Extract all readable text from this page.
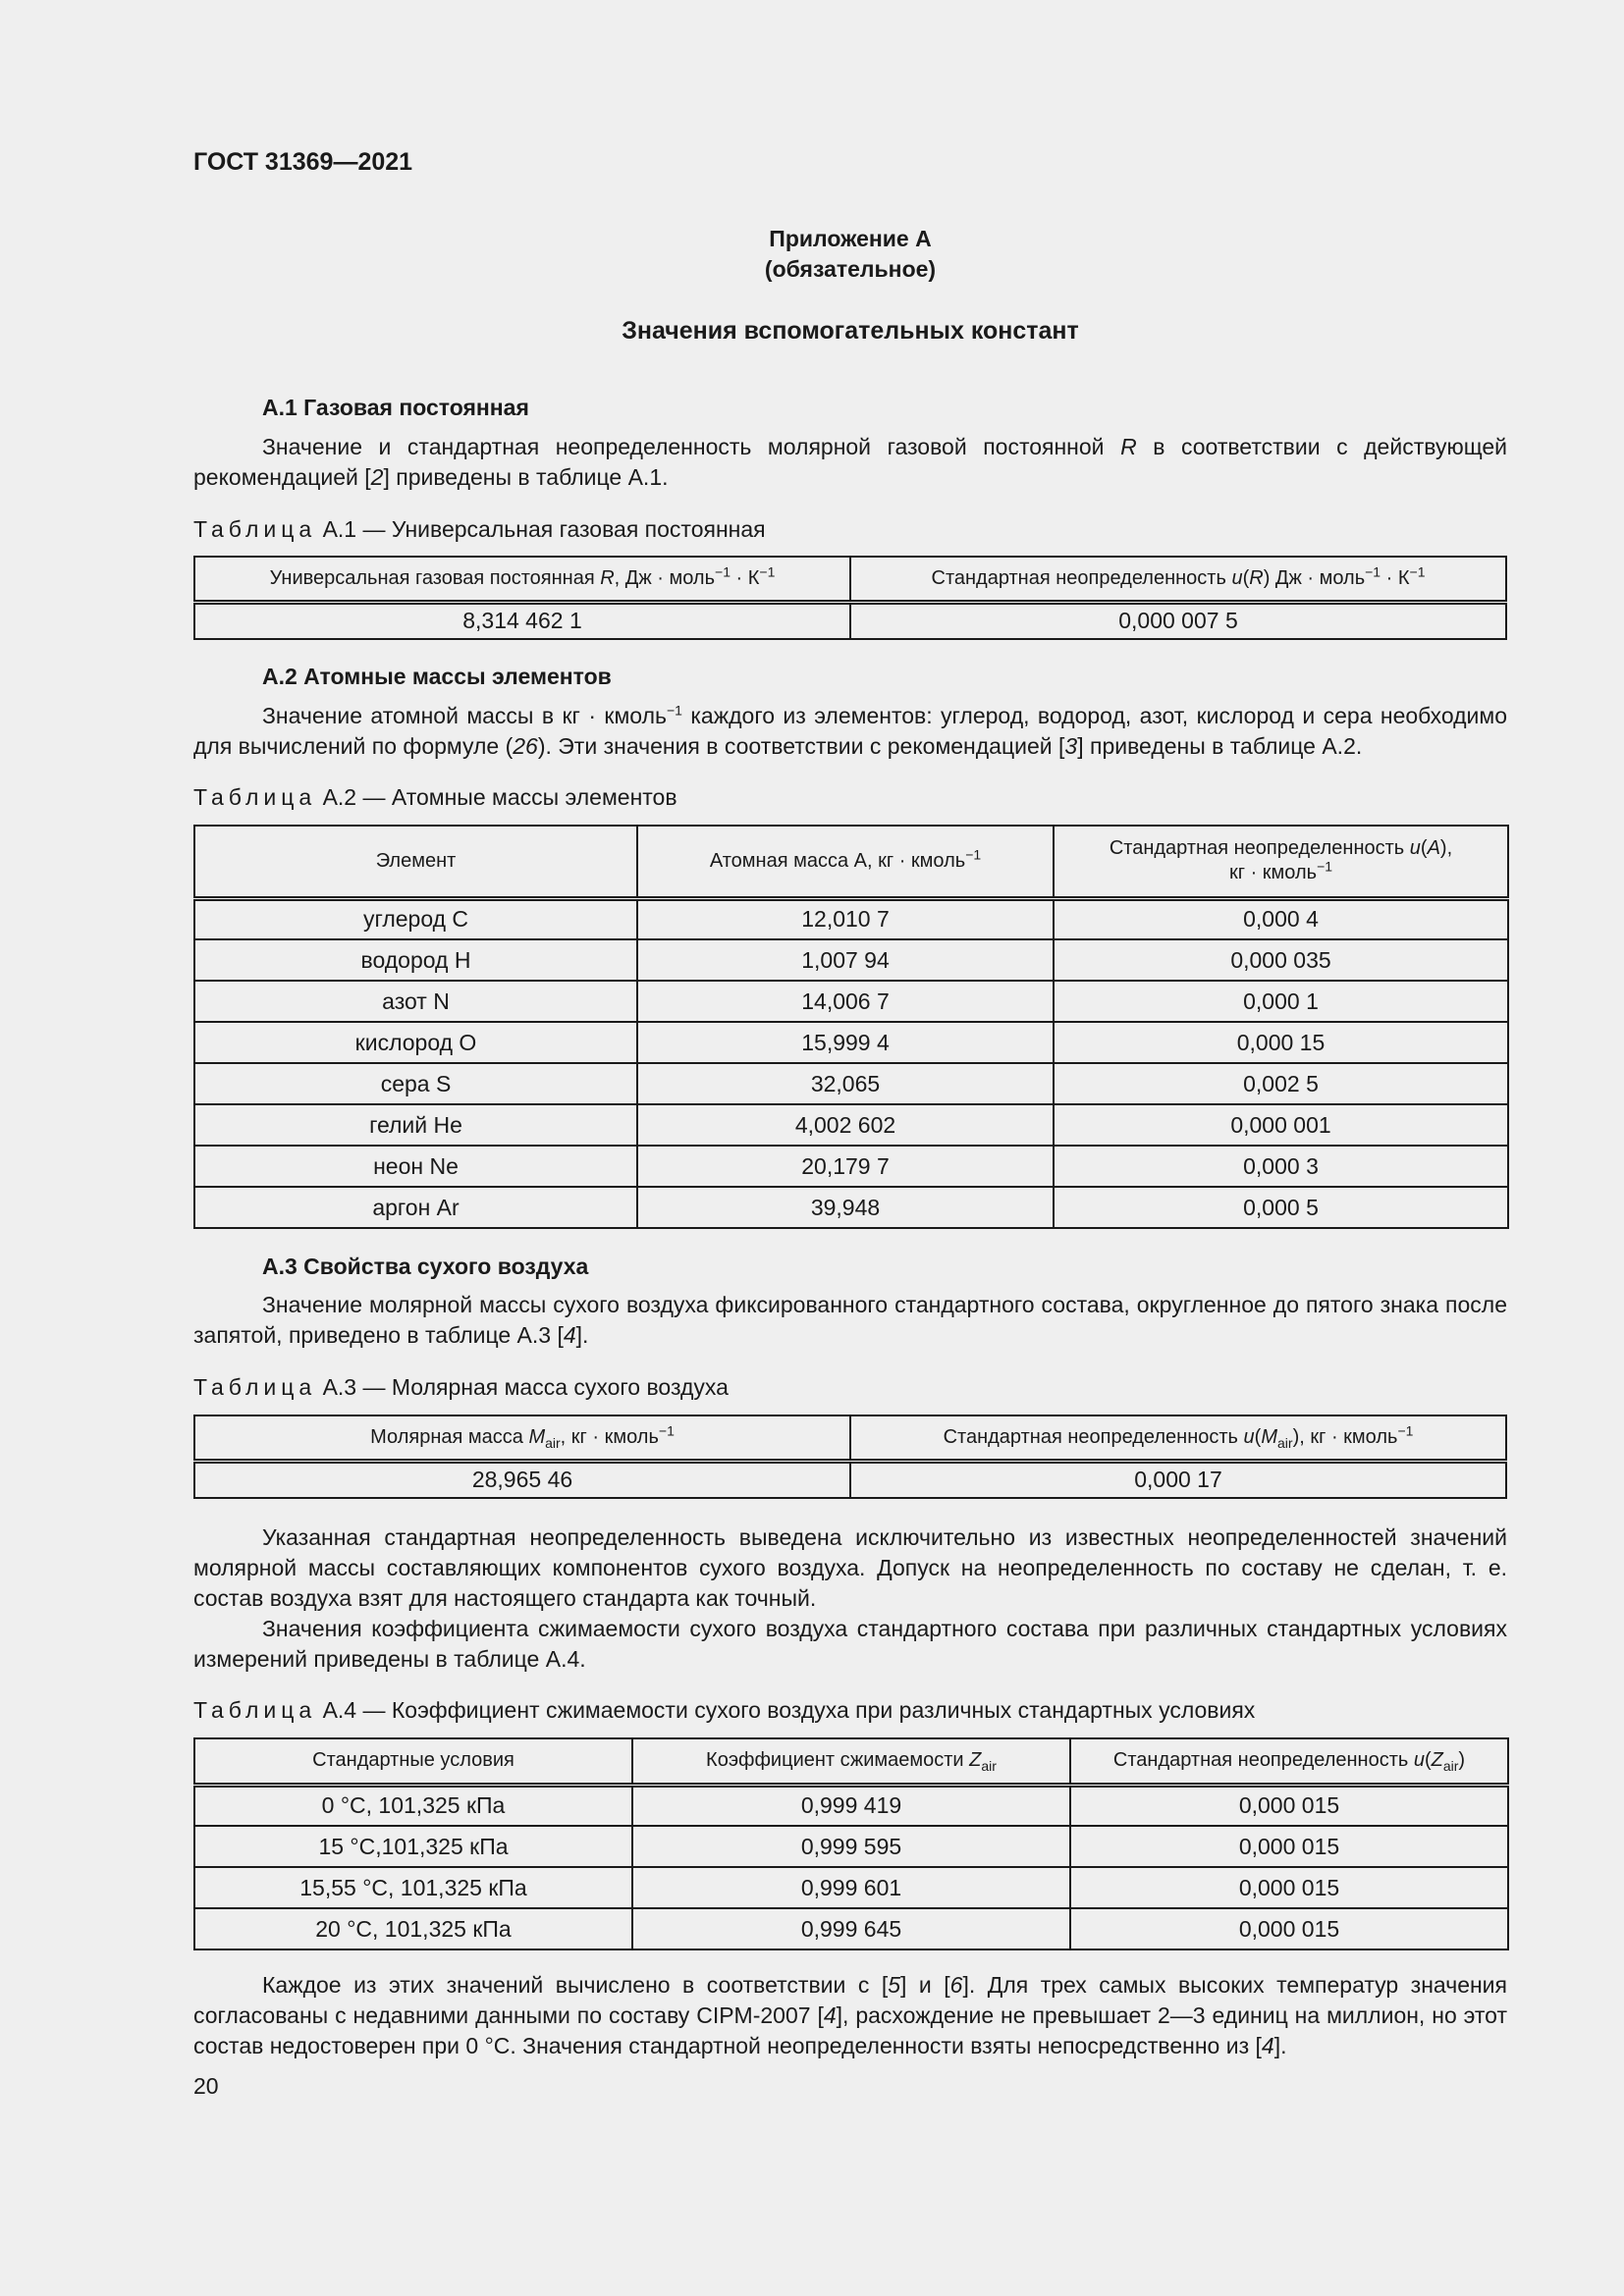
ГОСТ 31369—2021
Приложение А
(обязательное)
Значения вспомогательных констант
А.1 Газовая постоянная
Значение и стандартная неопределенность молярной газовой постоянной R в соответствии с действующей рекомендацией [2] приведены в таблице А.1.
Таблица А.1 — Универсальная газовая постоянная
Универсальная газовая постоянная R, Дж · моль$^{-1}$ · $К^{-1}$	Стандартная неопределенность u(R) Дж · моль$^{-1}$ · $К^{-1}$
8,314 462 1	0,000 007 5
А.2 Атомные массы элементов
Значение атомной массы в кг · кмоль$^{-1}$ каждого из элементов: углерод, водород, азот, кислород и сера необходимо для вычислений по формуле (26). Эти значения в соответствии с рекомендацией [3] приведены в таблице А.2.
Таблица А.2 — Атомные массы элементов
Элемент	Атомная масса А, кг · кмоль$^{-1}$	Стандартная неопределенность u(A),
кг · кмоль$^{-1}$
углерод C	12,010 7	0,000 4
водород H	1,007 94	0,000 035
азот N	14,006 7	0,000 1
кислород O	15,999 4	0,000 15
сера S	32,065	0,002 5
гелий He	4,002 602	0,000 001
неон Ne	20,179 7	0,000 3
аргон Ar	39,948	0,000 5
А.3 Свойства сухого воздуха
Значение молярной массы сухого воздуха фиксированного стандартного состава, округленное до пятого знака после запятой, приведено в таблице А.3 [4].
Таблица А.3 — Молярная масса сухого воздуха
Молярная масса $M_{air}$, кг · кмоль$^{-1}$	Стандартная неопределенность $u(M_{air})$, кг · кмоль$^{-1}$
28,965 46	0,000 17
Указанная стандартная неопределенность выведена исключительно из известных неопределенностей значений молярной массы составляющих компонентов сухого воздуха. Допуск на неопределенность по составу не сделан, т. е. состав воздуха взят для настоящего стандарта как точный.
Значения коэффициента сжимаемости сухого воздуха стандартного состава при различных стандартных условиях измерений приведены в таблице А.4.
Таблица А.4 — Коэффициент сжимаемости сухого воздуха при различных стандартных условиях
Стандартные условия	Коэффициент сжимаемости $Z_{air}$	Стандартная неопределенность $u(Z_{air})$
0 °С, 101,325 кПа	0,999 419	0,000 015
15 °С,101,325 кПа	0,999 595	0,000 015
15,55 °С, 101,325 кПа	0,999 601	0,000 015
20 °С, 101,325 кПа	0,999 645	0,000 015
Каждое из этих значений вычислено в соответствии с [5] и [6]. Для трех самых высоких температур значения согласованы с недавними данными по составу CIPM-2007 [4], расхождение не превышает 2—3 единиц на миллион, но этот состав недостоверен при 0 °С. Значения стандартной неопределенности взяты непосредственно из [4].
20
